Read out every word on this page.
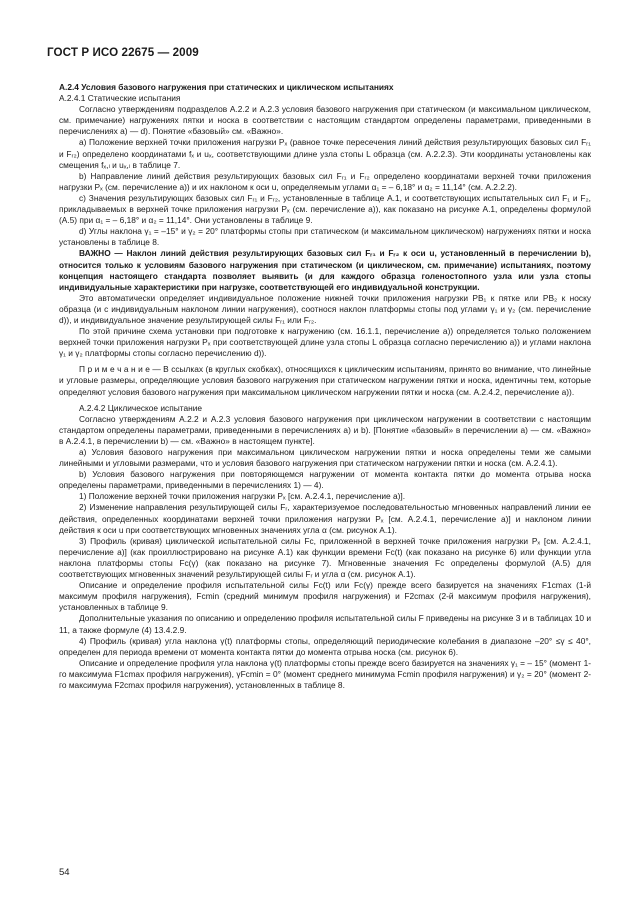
ГОСТ Р ИСО 22675 — 2009

A.2.4 Условия базового нагружения при статических и циклическом испытаниях

A.2.4.1 Статические испытания

Согласно утверждениям подразделов A.2.2 и A.2.3 условия базового нагружения при статическом (и максимальном циклическом, см. примечание) нагружениях пятки и носка в соответствии с настоящим стандартом определены параметрами, приведенными в перечислениях a) — d). Понятие «базовый» см. «Важно».

a) Положение верхней точки приложения нагрузки Pₓ (равное точке пересечения линий действия результирующих базовых сил Fᵣ₁ и Fᵣ₂) определено координатами fₓ и uₓ, соответствующими длине узла стопы L образца (см. A.2.2.3). Эти координаты установлены как смещения fₓ,ₗ и uₓ,ₗ в таблице 7.

b) Направление линий действия результирующих базовых сил Fᵣ₁ и Fᵣ₂ определено координатами верхней точки приложения нагрузки Pₓ (см. перечисление a)) и их наклоном к оси u, определяемым углами α₁ = – 6,18° и α₂ = 11,14° (см. A.2.2.2).

c) Значения результирующих базовых сил Fᵣ₁ и Fᵣ₂, установленные в таблице A.1, и соответствующих испытательных сил F₁ и F₂, прикладываемых в верхней точке приложения нагрузки Pₓ (см. перечисление a)), как показано на рисунке A.1, определены формулой (A.5) при α₁ = – 6,18° и α₂ = 11,14°. Они установлены в таблице 9.

d) Углы наклона γ₁ = –15° и γ₂ = 20° платформы стопы при статическом (и максимальном циклическом) нагружениях пятки и носка установлены в таблице 8.

ВАЖНО — Наклон линий действия результирующих базовых сил Fᵣ₁ и Fᵣ₂ к оси u, установленный в перечислении b), относится только к условиям базового нагружения при статическом (и циклическом, см. примечание) испытаниях, поэтому концепция настоящего стандарта позволяет выявить (и для каждого образца голеностопного узла или узла стопы индивидуальные характеристики при нагрузке, соответствующей его индивидуальной конструкции.

Это автоматически определяет индивидуальное положение нижней точки приложения нагрузки PΒ₁ к пятке или PΒ₂ к носку образца (и с индивидуальным наклоном линии нагружения), соотнося наклон платформы стопы под углами γ₁ и γ₂ (см. перечисление d)), и индивидуальное значение результирующей силы Fᵣ₁ или Fᵣ₂.

По этой причине схема установки при подготовке к нагружению (см. 16.1.1, перечисление a)) определяется только положением верхней точки приложения нагрузки Pₓ при соответствующей длине узла стопы L образца согласно перечислению a)) и углами наклона γ₁ и γ₂ платформы стопы согласно перечислению d)).

П р и м е ч а н и е — В ссылках (в круглых скобках), относящихся к циклическим испытаниям, принято во внимание, что линейные и угловые размеры, определяющие условия базового нагружения при статическом нагружении пятки и носка, идентичны тем, которые определяют условия базового нагружения при максимальном циклическом нагружении пятки и носка (см. A.2.4.2, перечисление a)).

A.2.4.2 Циклическое испытание

Согласно утверждениям A.2.2 и A.2.3 условия базового нагружения при циклическом нагружении в соответствии с настоящим стандартом определены параметрами, приведенными в перечислениях a) и b). [Понятие «базовый» в перечислении a) — см. «Важно» в A.2.4.1, в перечислении b) — см. «Важно» в настоящем пункте].

a) Условия базового нагружения при максимальном циклическом нагружении пятки и носка определены теми же самыми линейными и угловыми размерами, что и условия базового нагружения при статическом нагружении пятки и носка (см. A.2.4.1).

b) Условия базового нагружения при повторяющемся нагружении от момента контакта пятки до момента отрыва носка определены параметрами, приведенными в перечислениях 1) — 4).

1) Положение верхней точки приложения нагрузки Pₓ [см. A.2.4.1, перечисление a)].

2) Изменение направления результирующей силы Fᵣ, характеризуемое последовательностью мгновенных направлений линии ее действия, определенных координатами верхней точки приложения нагрузки Pₓ [см. A.2.4.1, перечисление a)] и наклоном линии действия к оси u при соответствующих мгновенных значениях угла α (см. рисунок A.1).

3) Профиль (кривая) циклической испытательной силы Fᴄ, приложенной в верхней точке приложения нагрузки Pₓ [см. A.2.4.1, перечисление a)] (как проиллюстрировано на рисунке A.1) как функции времени Fᴄ(t) (как показано на рисунке 6) или функции угла наклона платформы стопы Fᴄ(γ) (как показано на рисунке 7). Мгновенные значения Fᴄ определены формулой (A.5) для соответствующих мгновенных значений результирующей силы Fᵣ и угла α (см. рисунок A.1).

Описание и определение профиля испытательной силы Fᴄ(t) или Fᴄ(γ) прежде всего базируется на значениях F1cmax (1-й максимум профиля нагружения), Fcmin (средний минимум профиля нагружения) и F2cmax (2-й максимум профиля нагружения), установленных в таблице 9.

Дополнительные указания по описанию и определению профиля испытательной силы F приведены на рисунке 3 и в таблицах 10 и 11, а также формуле (4) 13.4.2.9.

4) Профиль (кривая) угла наклона γ(t) платформы стопы, определяющий периодические колебания в диапазоне –20° ≤γ ≤ 40°, определен для периода времени от момента контакта пятки до момента отрыва носка (см. рисунок 6).

Описание и определение профиля угла наклона γ(t) платформы стопы прежде всего базируется на значениях γ₁ = – 15° (момент 1-го максимума F1cmax профиля нагружения), γFcmin = 0° (момент среднего минимума Fcmin профиля нагружения) и γ₂ = 20° (момент 2-го максимума F2cmax профиля нагружения), установленных в таблице 8.

54
